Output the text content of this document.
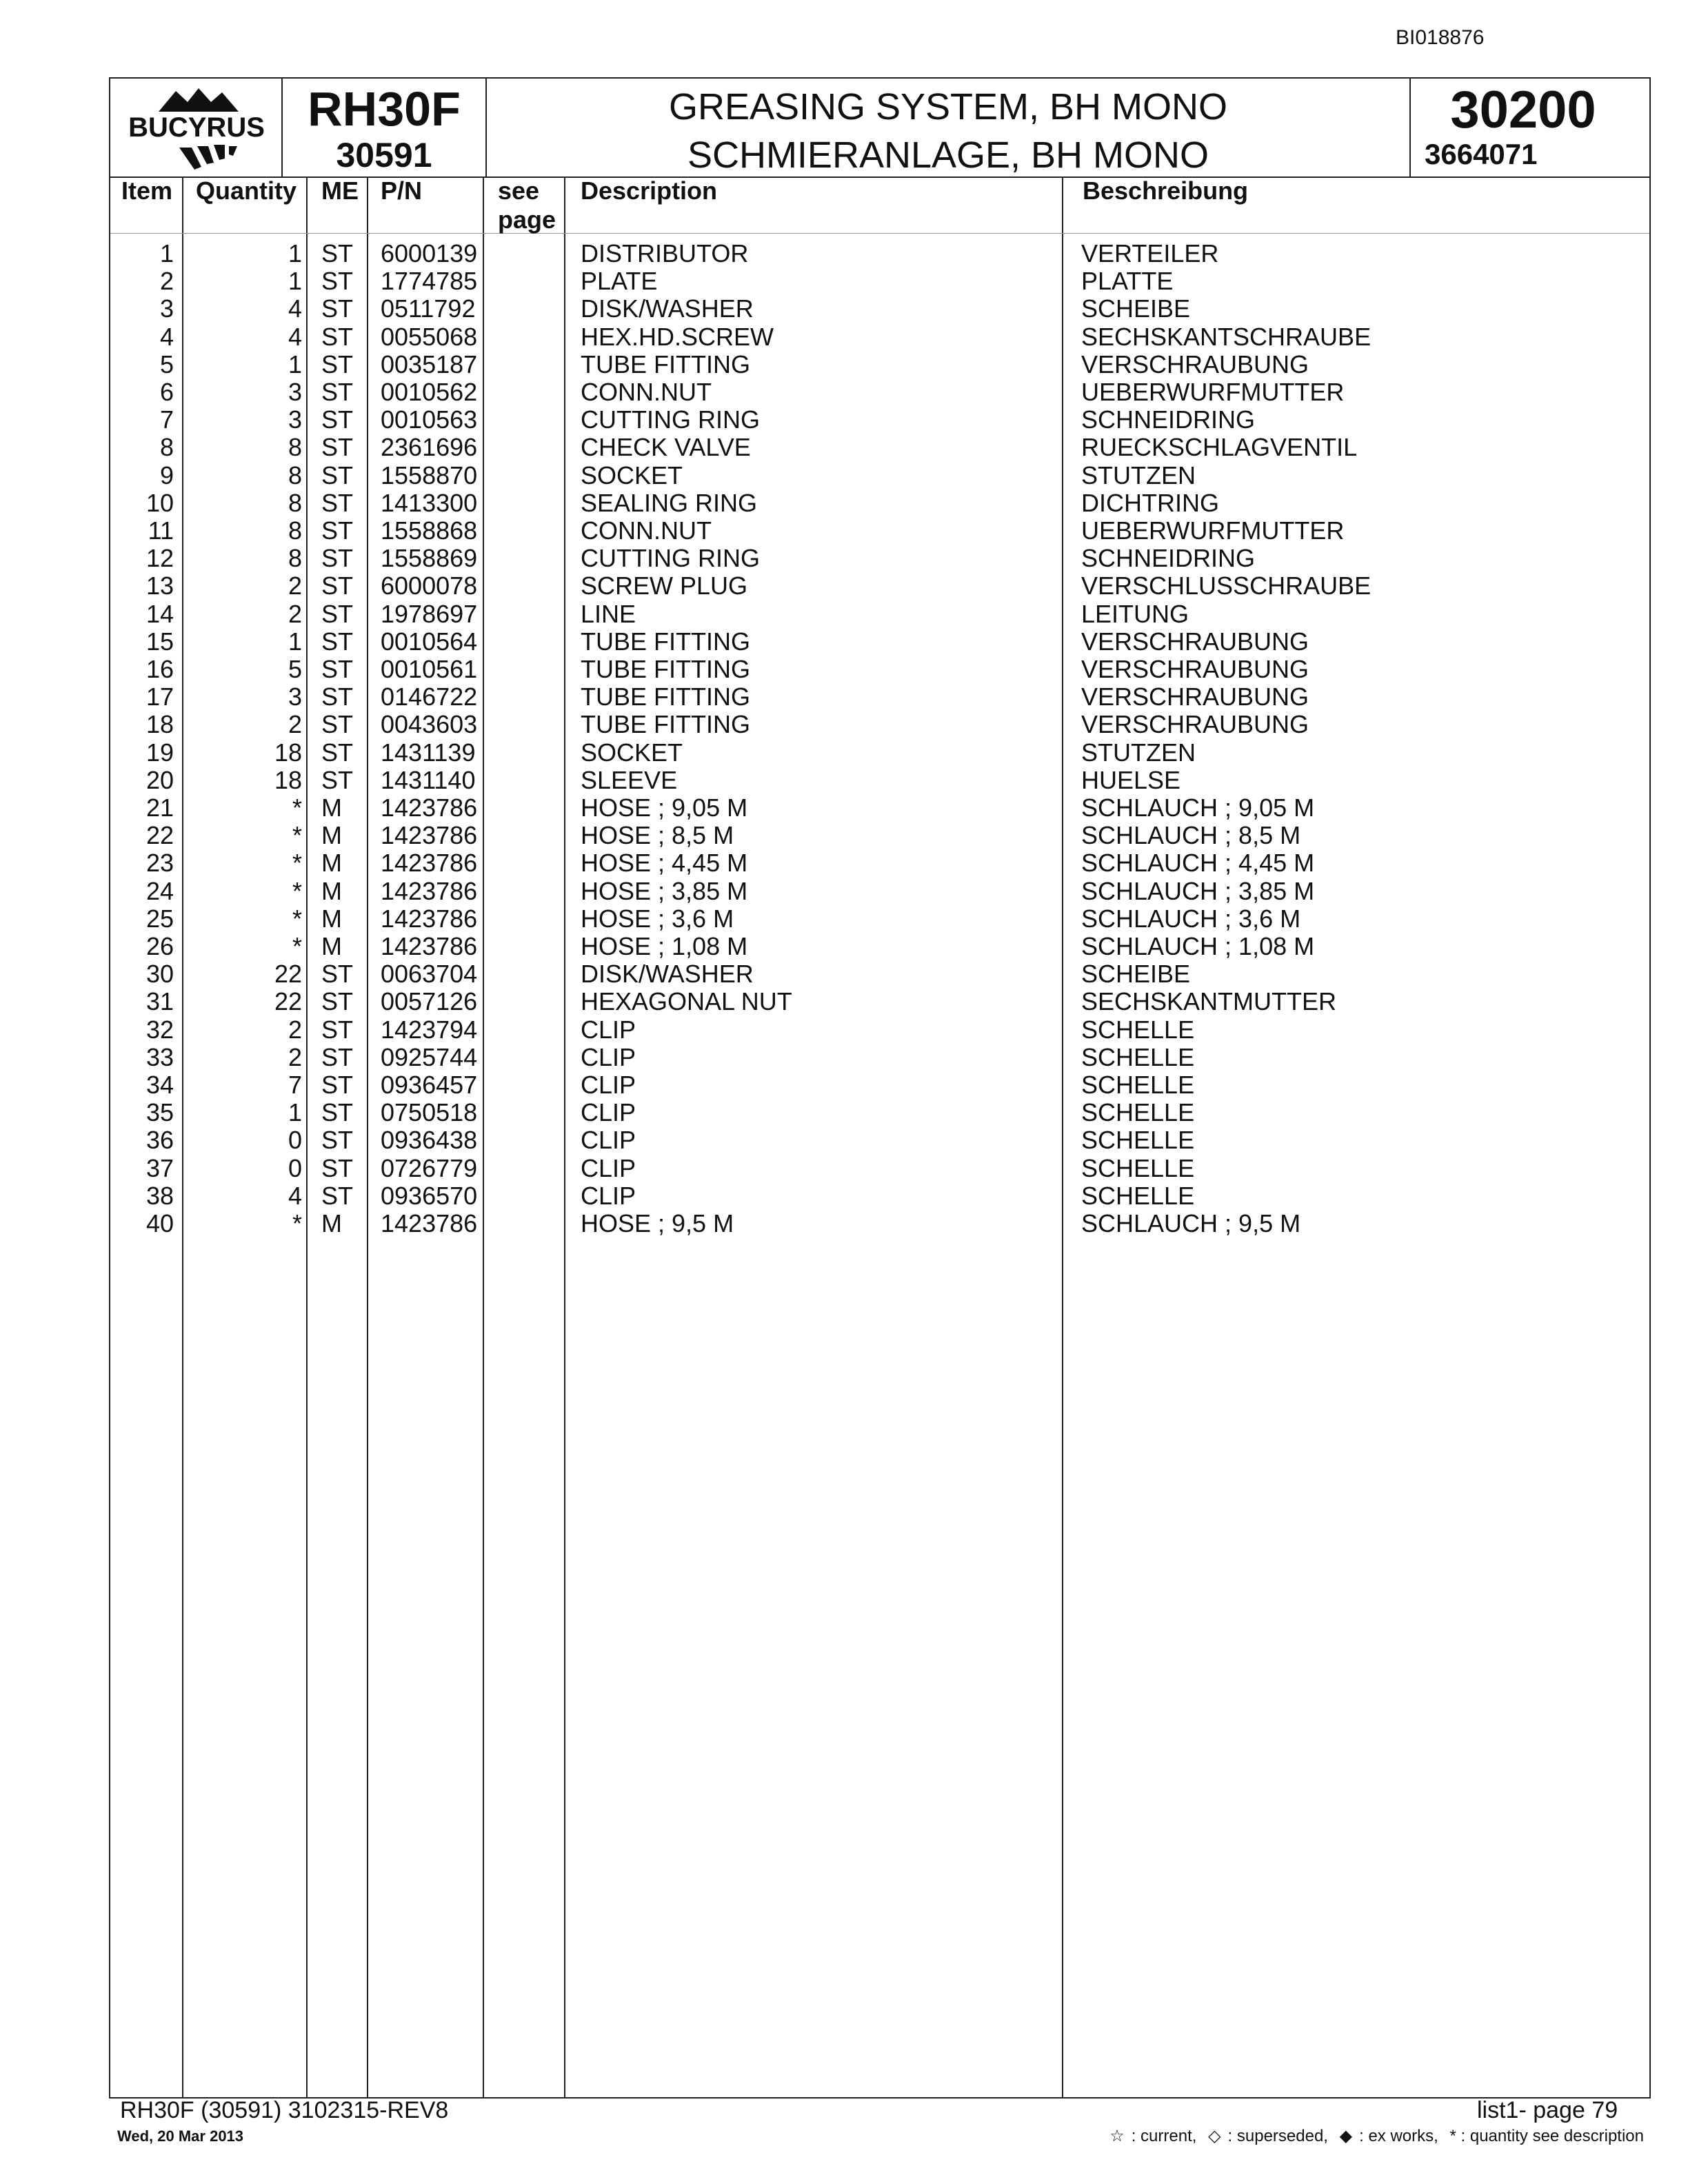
BI018876
BUCYRUS RH30F
30591
GREASING SYSTEM, BH MONO
SCHMIERANLAGE, BH MONO
30200
3664071
Item Quantity ME P/N	see
page
Description	Beschreibung
1	1 ST 6000139	DISTRIBUTOR	VERTEILER
2	1 ST 1774785	PLATE	PLATTE
3	4 ST 0511792	DISK/WASHER	SCHEIBE
4	4 ST 0055068	HEX.HD.SCREW	SECHSKANTSCHRAUBE
5	1 ST 0035187	TUBE FITTING	VERSCHRAUBUNG
6	3 ST 0010562	CONN.NUT	UEBERWURFMUTTER
7	3 ST 0010563	CUTTING RING	SCHNEIDRING
8	8 ST 2361696	CHECK VALVE	RUECKSCHLAGVENTIL
9	8 ST 1558870	SOCKET	STUTZEN
10	8 ST 1413300	SEALING RING	DICHTRING
11	8 ST 1558868	CONN.NUT	UEBERWURFMUTTER
12	8 ST 1558869	CUTTING RING	SCHNEIDRING
13	2 ST 6000078	SCREW PLUG	VERSCHLUSSCHRAUBE
14	2 ST 1978697	LINE	LEITUNG
15	1 ST 0010564	TUBE FITTING	VERSCHRAUBUNG
16	5 ST 0010561	TUBE FITTING	VERSCHRAUBUNG
17	3 ST 0146722	TUBE FITTING	VERSCHRAUBUNG
18	2 ST 0043603	TUBE FITTING	VERSCHRAUBUNG
19	18 ST 1431139	SOCKET	STUTZEN
20	18 ST 1431140	SLEEVE	HUELSE
21	* M 1423786	HOSE ; 9,05 M	SCHLAUCH ; 9,05 M
22	* M 1423786	HOSE ; 8,5 M	SCHLAUCH ; 8,5 M
23	* M 1423786	HOSE ; 4,45 M	SCHLAUCH ; 4,45 M
24	* M 1423786	HOSE ; 3,85 M	SCHLAUCH ; 3,85 M
25	* M 1423786	HOSE ; 3,6 M	SCHLAUCH ; 3,6 M
26	* M 1423786	HOSE ; 1,08 M	SCHLAUCH ; 1,08 M
30	22 ST 0063704	DISK/WASHER	SCHEIBE
31	22 ST 0057126	HEXAGONAL NUT	SECHSKANTMUTTER
32	2 ST 1423794	CLIP	SCHELLE
33	2 ST 0925744	CLIP	SCHELLE
34	7 ST 0936457	CLIP	SCHELLE
35	1 ST 0750518	CLIP	SCHELLE
36	0 ST 0936438	CLIP	SCHELLE
37	0 ST 0726779	CLIP	SCHELLE
38	4 ST 0936570	CLIP	SCHELLE
40	* M 1423786	HOSE ; 9,5 M	SCHLAUCH ; 9,5 M
RH30F (30591) 3102315-REV8
Wed, 20 Mar 2013
list1- page 79
☆ : current, ◇ : superseded, ◆ : ex works, * : quantity see description
